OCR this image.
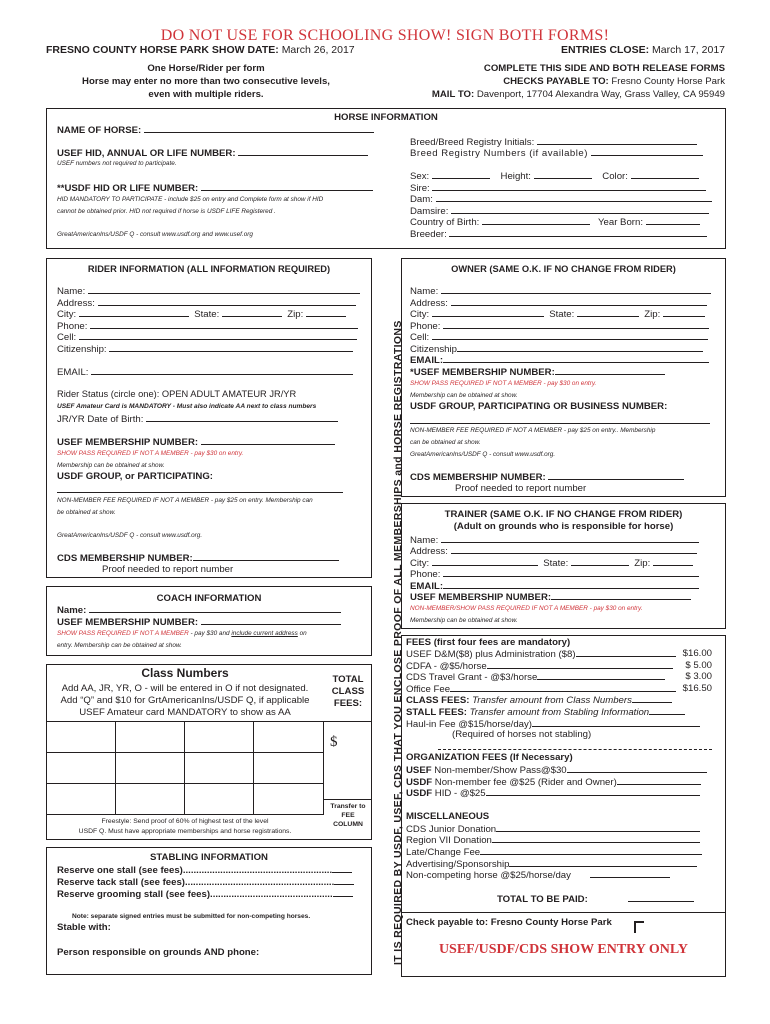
DO NOT USE FOR SCHOOLING SHOW! SIGN BOTH FORMS!
FRESNO COUNTY HORSE PARK SHOW DATE: March 26, 2017
One Horse/Rider per form
Horse may enter no more than two consecutive levels,
even with multiple riders.
ENTRIES CLOSE: March 17, 2017
COMPLETE THIS SIDE AND BOTH RELEASE FORMS
CHECKS PAYABLE TO: Fresno County Horse Park
MAIL TO: Davenport, 17704 Alexandra Way, Grass Valley, CA 95949
HORSE INFORMATION
NAME OF HORSE:
USEF HID, ANNUAL OR LIFE NUMBER:
USEF numbers not required to participate.
**USDF HID OR LIFE NUMBER:
HID MANDATORY TO PARTICIPATE - include $25 on entry and Complete form at show if HID
cannot be obtained prior. HID not required if horse is USDF LIFE Registered .
GreatAmericanIns/USDF Q - consult www.usdf.org and www.usef.org
Breed/Breed Registry Initials:
Breed Registry Numbers (if available)
Sex:	Height:	Color:
Sire:
Dam:
Damsire:
Country of Birth:	Year Born:
Breeder:
RIDER INFORMATION (ALL INFORMATION REQUIRED)
Name:
Address:
City:	State:	Zip:
Phone:
Cell:
Citizenship:
EMAIL:
Rider Status (circle one): OPEN ADULT AMATEUR JR/YR
USEF Amateur Card is MANDATORY - Must also indicate AA next to class numbers
JR/YR Date of Birth:
USEF MEMBERSHIP NUMBER:
SHOW PASS REQUIRED IF NOT A MEMBER - pay $30 on entry.
Membership can be obtained at show.
USDF GROUP, or PARTICIPATING:
NON-MEMBER FEE REQUIRED IF NOT A MEMBER - pay $25 on entry. Membership can
be obtained at show.
GreatAmericanIns/USDF Q - consult www.usdf.org.
CDS MEMBERSHIP NUMBER:
Proof needed to report number	IT IS REQUIRED BY USDF, USEF, CDS THAT YOU ENCLOSE PROOF OF ALL MEMBERSHIPS and HORSE REGISTRATIONS
OWNER (SAME O.K. IF NO CHANGE FROM RIDER)
Name:
Address:
City:	State:	Zip:
Phone:
Cell:
Citizenship
EMAIL:
*USEF MEMBERSHIP NUMBER:
SHOW PASS REQUIRED IF NOT A MEMBER - pay $30 on entry.
Membership can be obtained at show.
USDF GROUP, PARTICIPATING OR BUSINESS NUMBER:
NON-MEMBER FEE REQUIRED IF NOT A MEMBER - pay $25 on entry.. Membership
can be obtained at show.
GreatAmericanIns/USDF Q - consult www.usdf.org.
CDS MEMBERSHIP NUMBER:
Proof needed to report number
TRAINER (SAME O.K. IF NO CHANGE FROM RIDER)
(Adult on grounds who is responsible for horse)
Name:
Address:
City:	State:	Zip:
Phone:
EMAIL:
USEF MEMBERSHIP NUMBER:
NON-MEMBER/SHOW PASS REQUIRED IF NOT A MEMBER - pay $30 on entry.
Membership can be obtained at show.
COACH INFORMATION
Name:
USEF MEMBERSHIP NUMBER:
SHOW PASS REQUIRED IF NOT A MEMBER - pay $30 and include current address on
entry. Membership can be obtained at show.
Class Numbers
Add AA, JR, YR, O - will be entered in O if not designated.
Add “Q” and $10 for GrtAmericanIns/USDF Q, if applicable
USEF Amateur card MANDATORY to show as AA
TOTAL
CLASS
FEES:
$
Transfer to
FEE
COLUMN
Freestyle: Send proof of 60% of highest test of the level
USDF Q. Must have appropriate memberships and horse registrations.
STABLING INFORMATION
Reserve one stall (see fees)........................................................
Reserve tack stall (see fees)........................................................
Reserve grooming stall (see fees)..............................................
Note: separate signed entries must be submitted for non-competing horses.
Stable with:
Person responsible on grounds AND phone:
FEES (first four fees are mandatory)
USEF D&M($8) plus Administration ($8)	$16.00
CDFA - @$5/horse	$ 5.00
CDS Travel Grant - @$3/horse	$ 3.00
Office Fee	$16.50
CLASS FEES: Transfer amount from Class Numbers
STALL FEES: Transfer amount from Stabling Information
Haul-in Fee @$15/horse/day)
(Required of horses not stabling)
ORGANIZATION FEES (If Necessary)
USEF Non-member/Show Pass@$30
USDF Non-member fee @$25 (Rider and Owner)
USDF HID - @$25
MISCELLANEOUS
CDS Junior Donation
Region VII Donation
Late/Change Fee
Advertising/Sponsorship
Non-competing horse @$25/horse/day
TOTAL TO BE PAID:
Check payable to: Fresno County Horse Park
USEF/USDF/CDS SHOW ENTRY ONLY
